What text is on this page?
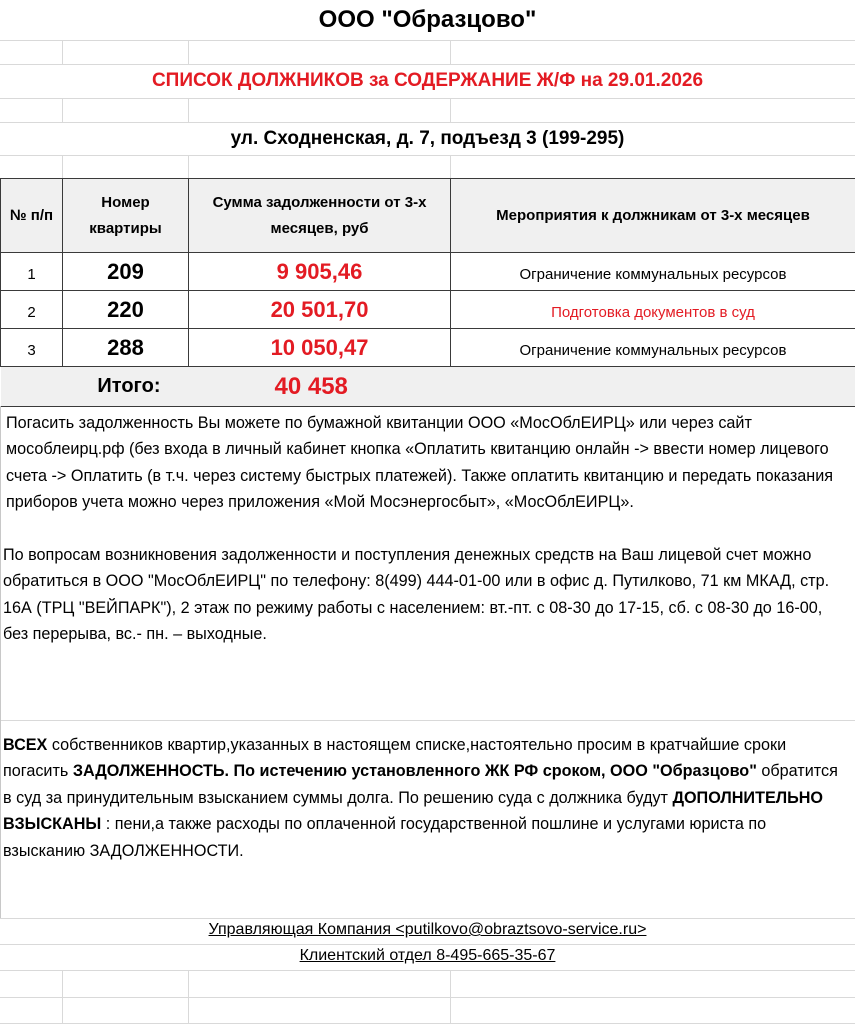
ООО "Образцово"
СПИСОК ДОЛЖНИКОВ за СОДЕРЖАНИЕ Ж/Ф на 29.01.2026
ул. Сходненская, д. 7, подъезд 3 (199-295)
№ п/п	Номер квартиры	Сумма задолженности от 3-х месяцев, руб	Мероприятия к должникам от 3-х месяцев
1	209	9 905,46	Ограничение коммунальных ресурсов
2	220	20 501,70	Подготовка документов в суд
3	288	10 050,47	Ограничение коммунальных ресурсов
Итого:		40 458	
Погасить задолженность Вы можете по бумажной квитанции ООО «МосОблЕИРЦ» или через сайт мособлеирц.рф (без входа в личный кабинет кнопка «Оплатить квитанцию онлайн -> ввести номер лицевого счета -> Оплатить (в т.ч. через систему быстрых платежей). Также оплатить квитанцию и передать показания приборов учета можно через приложения «Мой Мосэнергосбыт», «МосОблЕИРЦ».
По вопросам возникновения задолженности и поступления денежных средств на Ваш лицевой счет можно обратиться в ООО "МосОблЕИРЦ" по телефону: 8(499) 444-01-00 или в офис д. Путилково, 71 км МКАД, стр. 16А (ТРЦ "ВЕЙПАРК"), 2 этаж по режиму работы с населением: вт.-пт. с 08-30 до 17-15, сб. с 08-30 до 16-00, без перерыва, вс.- пн. – выходные.
ВСЕХ собственников квартир,указанных в настоящем списке,настоятельно просим в кратчайшие сроки погасить ЗАДОЛЖЕННОСТЬ. По истечению установленного ЖК РФ сроком, ООО "Образцово" обратится в суд за принудительным взысканием суммы долга. По решению суда с должника будут ДОПОЛНИТЕЛЬНО ВЗЫСКАНЫ : пени,а также расходы по оплаченной государственной пошлине и услугами юриста по взысканию ЗАДОЛЖЕННОСТИ.
Управляющая Компания <putilkovo@obraztsovo-service.ru>
Клиентский отдел 8-495-665-35-67
